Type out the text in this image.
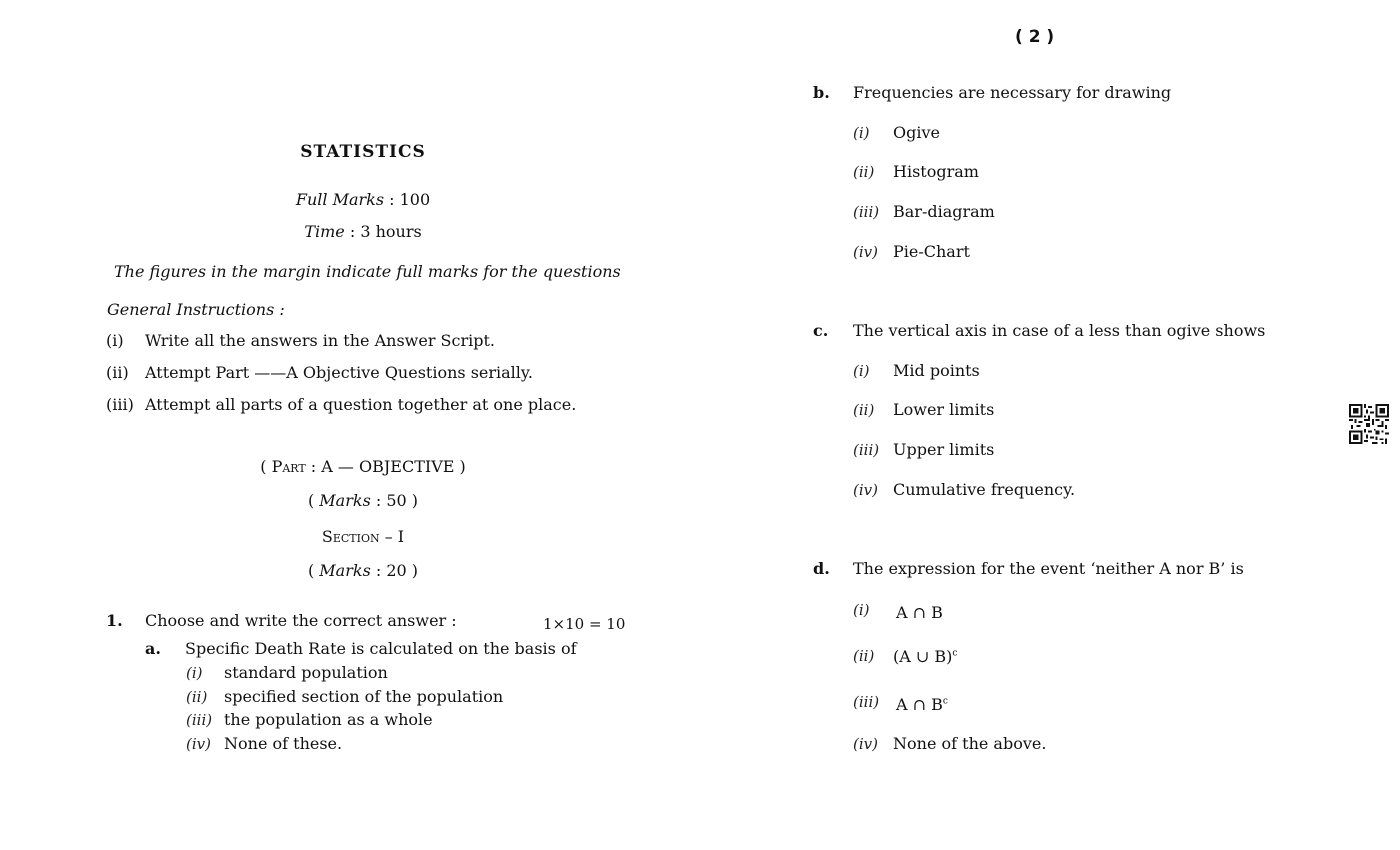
( 2 )
STATISTICS
Full Marks : 100
Time : 3 hours
The figures in the margin indicate full marks for the questions
General Instructions :
(i) Write all the answers in the Answer Script.
(ii) Attempt Part ——A Objective Questions serially.
(iii) Attempt all parts of a question together at one place.
( Part : A — OBJECTIVE )
( Marks : 50 )
Section – I
( Marks : 20 )
1. Choose and write the correct answer :	1×10 = 10
a. Specific Death Rate is calculated on the basis of
(i) standard population
(ii) specified section of the population
(iii) the population as a whole
(iv) None of these.
b. Frequencies are necessary for drawing
(i) Ogive
(ii) Histogram
(iii) Bar-diagram
(iv) Pie-Chart
c. The vertical axis in case of a less than ogive shows
(i) Mid points
(ii) Lower limits
(iii) Upper limits
(iv) Cumulative frequency.
d. The expression for the event ‘neither A nor B’ is
(i) A ∩ B
(ii) (A ∪ B)$^c$
(iii) A ∩ $B^c$
(iv) None of the above.
